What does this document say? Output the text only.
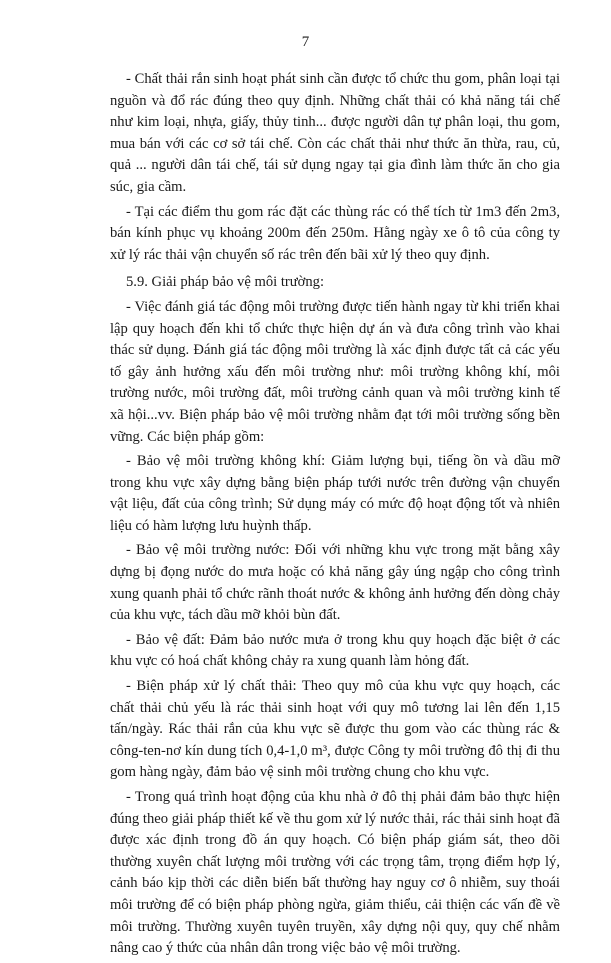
7

- Chất thải rắn sinh hoạt phát sinh cần được tổ chức thu gom, phân loại tại nguồn và đổ rác đúng theo quy định. Những chất thải có khả năng tái chế như kim loại, nhựa, giấy, thủy tinh... được người dân tự phân loại, thu gom, mua bán với các cơ sở tái chế. Còn các chất thải như thức ăn thừa, rau, củ, quả ... người dân tái chế, tái sử dụng ngay tại gia đình làm thức ăn cho gia súc, gia cầm.

- Tại các điểm thu gom rác đặt các thùng rác có thể tích từ 1m3 đến 2m3, bán kính phục vụ khoảng 200m đến 250m. Hằng ngày xe ô tô của công ty xử lý rác thải vận chuyển số rác trên đến bãi xử lý theo quy định.

5.9. Giải pháp bảo vệ môi trường:

- Việc đánh giá tác động môi trường được tiến hành ngay từ khi triển khai lập quy hoạch đến khi tổ chức thực hiện dự án và đưa công trình vào khai thác sử dụng. Đánh giá tác động môi trường là xác định được tất cả các yếu tố gây ảnh hưởng xấu đến môi trường như: môi trường không khí, môi trường nước, môi trường đất, môi trường cảnh quan và môi trường kinh tế xã hội...vv. Biện pháp bảo vệ môi trường nhằm đạt tới môi trường sống bền vững. Các biện pháp gồm:

- Bảo vệ môi trường không khí: Giảm lượng bụi, tiếng ồn và dầu mỡ trong khu vực xây dựng bằng biện pháp tưới nước trên đường vận chuyển vật liệu, đất của công trình; Sử dụng máy có mức độ hoạt động tốt và nhiên liệu có hàm lượng lưu huỳnh thấp.

- Bảo vệ môi trường nước: Đối với những khu vực trong mặt bằng xây dựng bị đọng nước do mưa hoặc có khả năng gây úng ngập cho công trình xung quanh phải tổ chức rãnh thoát nước & không ảnh hưởng đến dòng chảy của khu vực, tách dầu mỡ khỏi bùn đất.

- Bảo vệ đất: Đảm bảo nước mưa ở trong khu quy hoạch đặc biệt ở các khu vực có hoá chất không chảy ra xung quanh làm hỏng đất.

- Biện pháp xử lý chất thải: Theo quy mô của khu vực quy hoạch, các chất thải chủ yếu là rác thải sinh hoạt với quy mô tương lai lên đến 1,15 tấn/ngày. Rác thải rắn của khu vực sẽ được thu gom vào các thùng rác & công-ten-nơ kín dung tích 0,4-1,0 m³, được Công ty môi trường đô thị đi thu gom hàng ngày, đảm bảo vệ sinh môi trường chung cho khu vực.

- Trong quá trình hoạt động của khu nhà ở đô thị phải đảm bảo thực hiện đúng theo giải pháp thiết kế về thu gom xử lý nước thải, rác thải sinh hoạt đã được xác định trong đồ án quy hoạch. Có biện pháp giám sát, theo dõi thường xuyên chất lượng môi trường với các trọng tâm, trọng điểm hợp lý, cảnh báo kịp thời các diễn biến bất thường hay nguy cơ ô nhiễm, suy thoái môi trường để có biện pháp phòng ngừa, giảm thiểu, cải thiện các vấn đề về môi trường. Thường xuyên tuyên truyền, xây dựng nội quy, quy chế nhằm nâng cao ý thức của nhân dân trong việc bảo vệ môi trường.
